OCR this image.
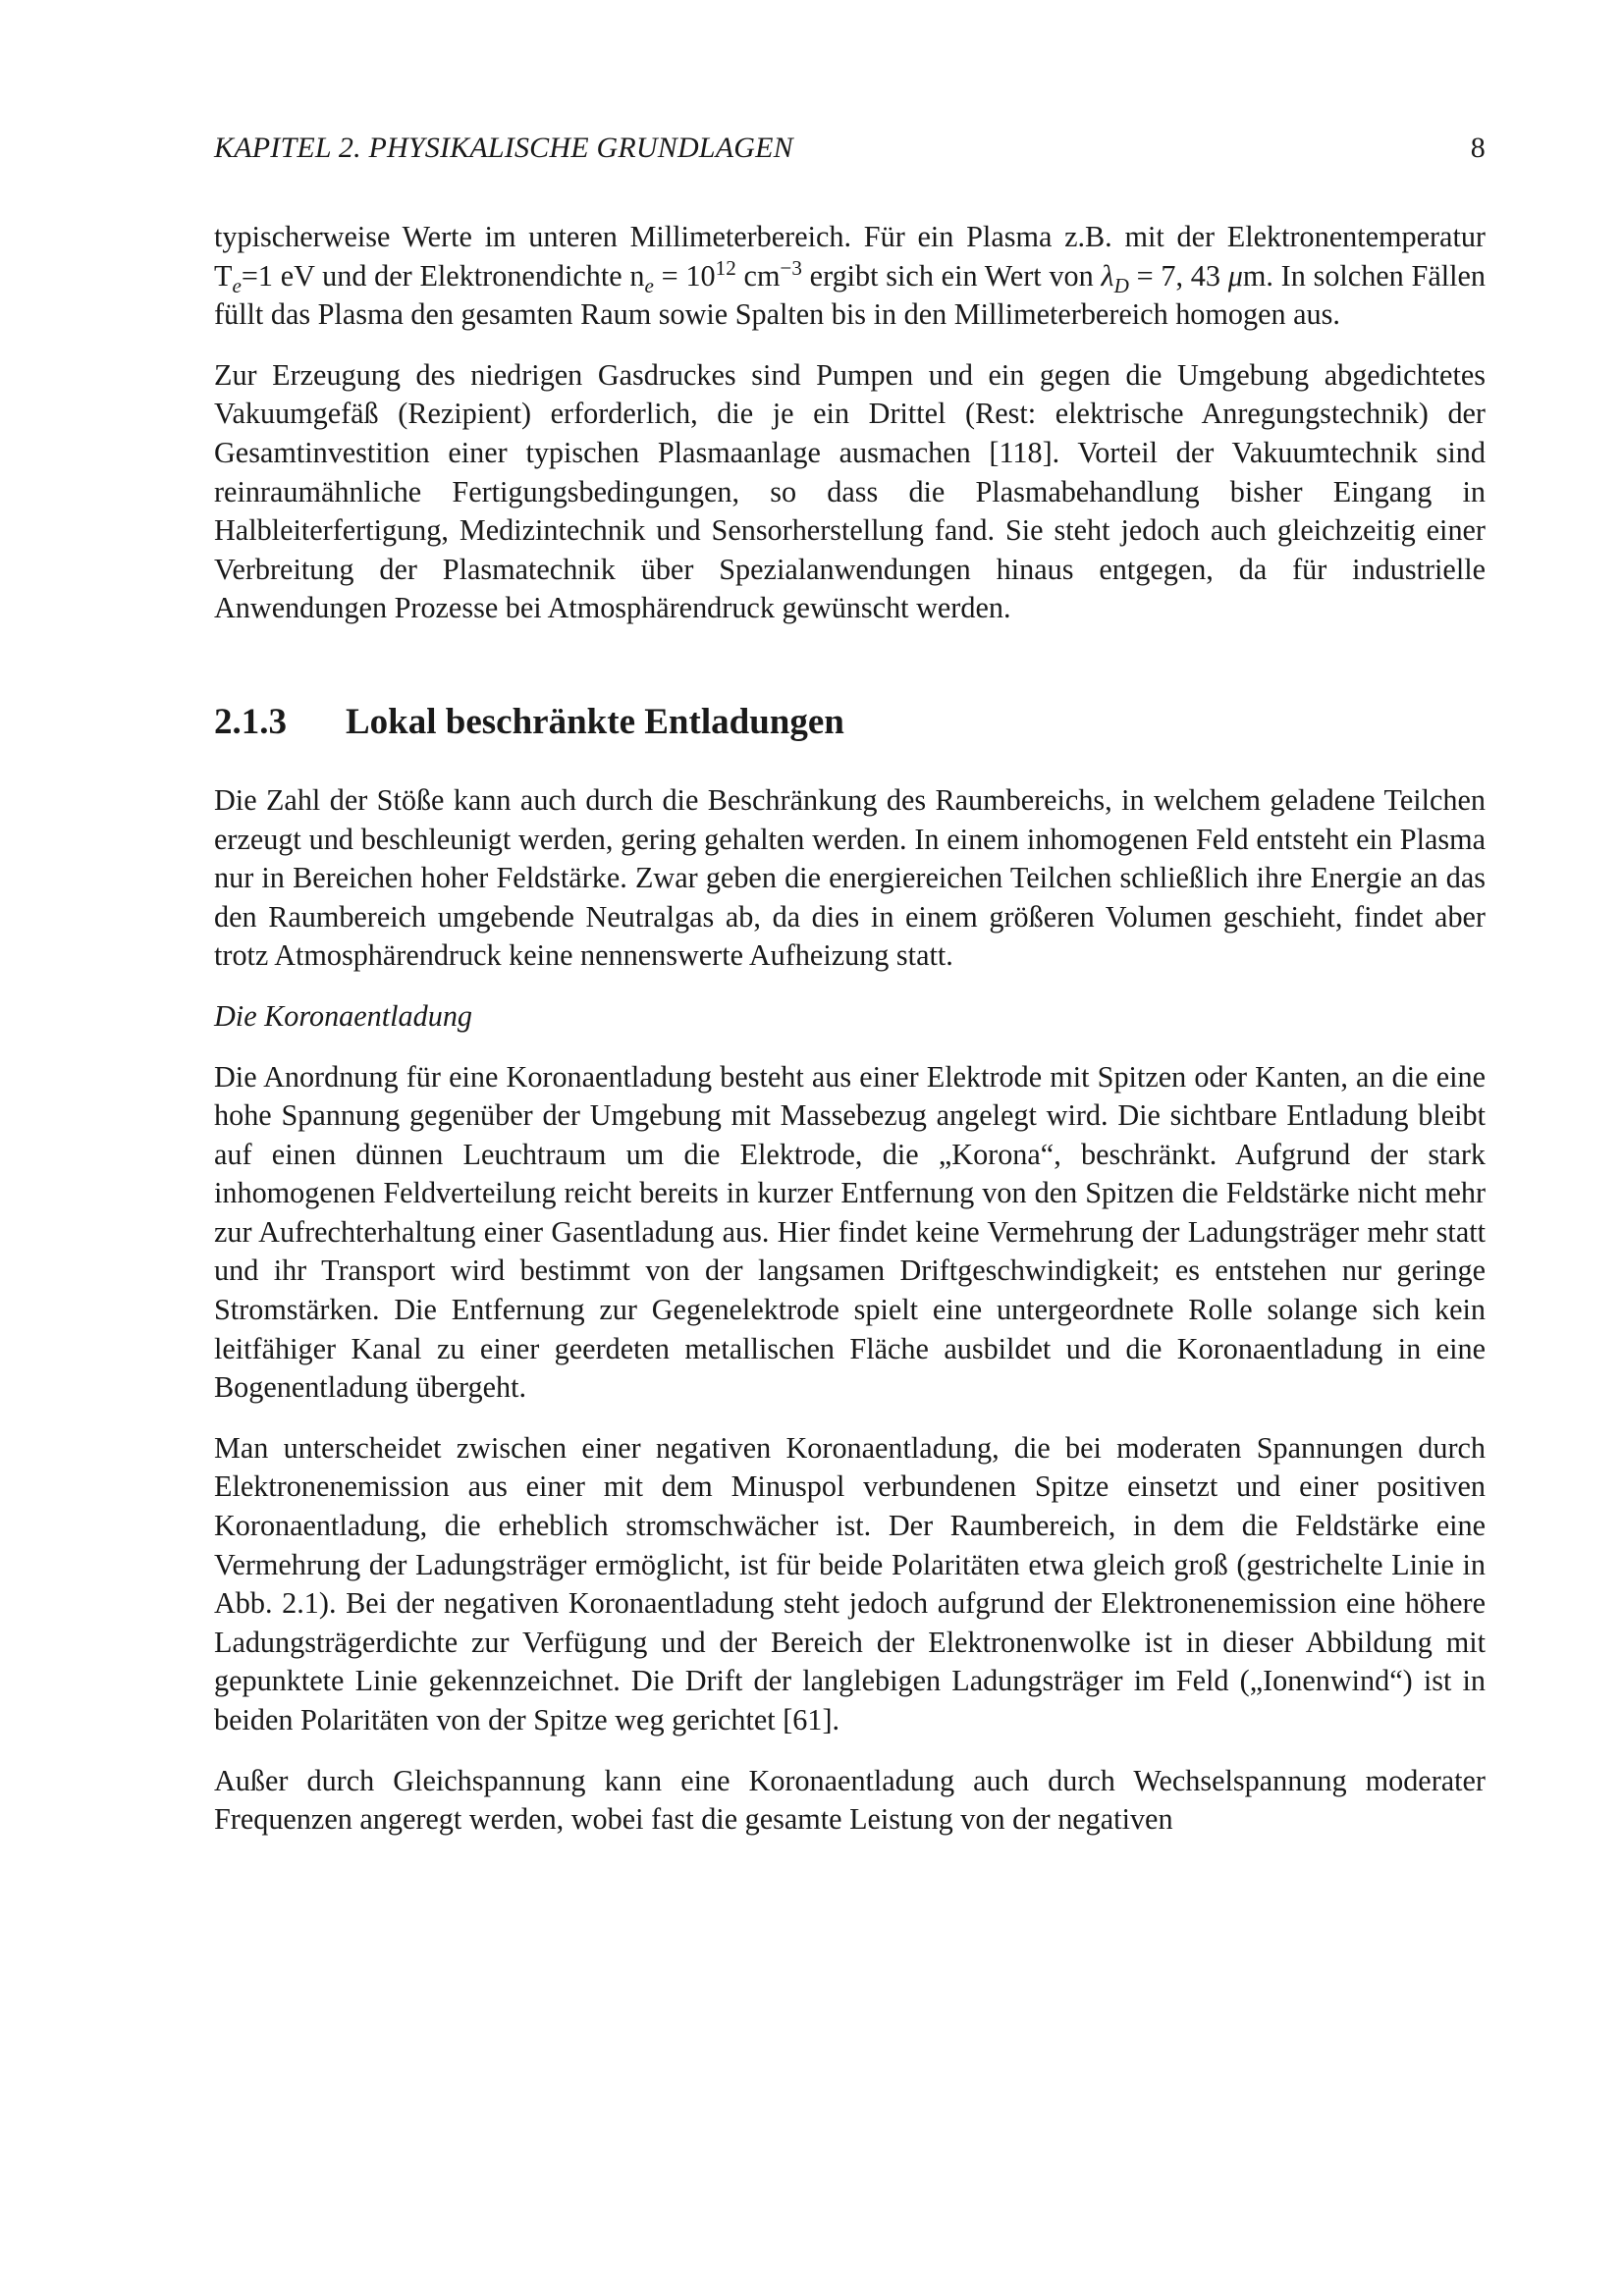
KAPITEL 2. PHYSIKALISCHE GRUNDLAGEN	8

typischerweise Werte im unteren Millimeterbereich. Für ein Plasma z.B. mit der Elektronentemperatur $T_e=1$ eV und der Elektronendichte $n_e = 10^{12}$ $cm^{-3}$ ergibt sich ein Wert von $\lambda_D = 7$, 43 μm. In solchen Fällen füllt das Plasma den gesamten Raum sowie Spalten bis in den Millimeterbereich homogen aus.

Zur Erzeugung des niedrigen Gasdruckes sind Pumpen und ein gegen die Umgebung abgedichtetes Vakuumgefäß (Rezipient) erforderlich, die je ein Drittel (Rest: elektrische Anregungstechnik) der Gesamtinvestition einer typischen Plasmaanlage ausmachen [118]. Vorteil der Vakuumtechnik sind reinraumähnliche Fertigungsbedingungen, so dass die Plasmabehandlung bisher Eingang in Halbleiterfertigung, Medizintechnik und Sensorherstellung fand. Sie steht jedoch auch gleichzeitig einer Verbreitung der Plasmatechnik über Spezialanwendungen hinaus entgegen, da für industrielle Anwendungen Prozesse bei Atmosphärendruck gewünscht werden.

2.1.3 Lokal beschränkte Entladungen

Die Zahl der Stöße kann auch durch die Beschränkung des Raumbereichs, in welchem geladene Teilchen erzeugt und beschleunigt werden, gering gehalten werden. In einem inhomogenen Feld entsteht ein Plasma nur in Bereichen hoher Feldstärke. Zwar geben die energiereichen Teilchen schließlich ihre Energie an das den Raumbereich umgebende Neutralgas ab, da dies in einem größeren Volumen geschieht, findet aber trotz Atmosphärendruck keine nennenswerte Aufheizung statt.

Die Koronaentladung

Die Anordnung für eine Koronaentladung besteht aus einer Elektrode mit Spitzen oder Kanten, an die eine hohe Spannung gegenüber der Umgebung mit Massebezug angelegt wird. Die sichtbare Entladung bleibt auf einen dünnen Leuchtraum um die Elektrode, die „Korona“, beschränkt. Aufgrund der stark inhomogenen Feldverteilung reicht bereits in kurzer Entfernung von den Spitzen die Feldstärke nicht mehr zur Aufrechterhaltung einer Gasentladung aus. Hier findet keine Vermehrung der Ladungsträger mehr statt und ihr Transport wird bestimmt von der langsamen Driftgeschwindigkeit; es entstehen nur geringe Stromstärken. Die Entfernung zur Gegenelektrode spielt eine untergeordnete Rolle solange sich kein leitfähiger Kanal zu einer geerdeten metallischen Fläche ausbildet und die Koronaentladung in eine Bogenentladung übergeht.

Man unterscheidet zwischen einer negativen Koronaentladung, die bei moderaten Spannungen durch Elektronenemission aus einer mit dem Minuspol verbundenen Spitze einsetzt und einer positiven Koronaentladung, die erheblich stromschwächer ist. Der Raumbereich, in dem die Feldstärke eine Vermehrung der Ladungsträger ermöglicht, ist für beide Polaritäten etwa gleich groß (gestrichelte Linie in Abb. 2.1). Bei der negativen Koronaentladung steht jedoch aufgrund der Elektronenemission eine höhere Ladungsträgerdichte zur Verfügung und der Bereich der Elektronenwolke ist in dieser Abbildung mit gepunktete Linie gekennzeichnet. Die Drift der langlebigen Ladungsträger im Feld („Ionenwind“) ist in beiden Polaritäten von der Spitze weg gerichtet [61].

Außer durch Gleichspannung kann eine Koronaentladung auch durch Wechselspannung moderater Frequenzen angeregt werden, wobei fast die gesamte Leistung von der negativen
